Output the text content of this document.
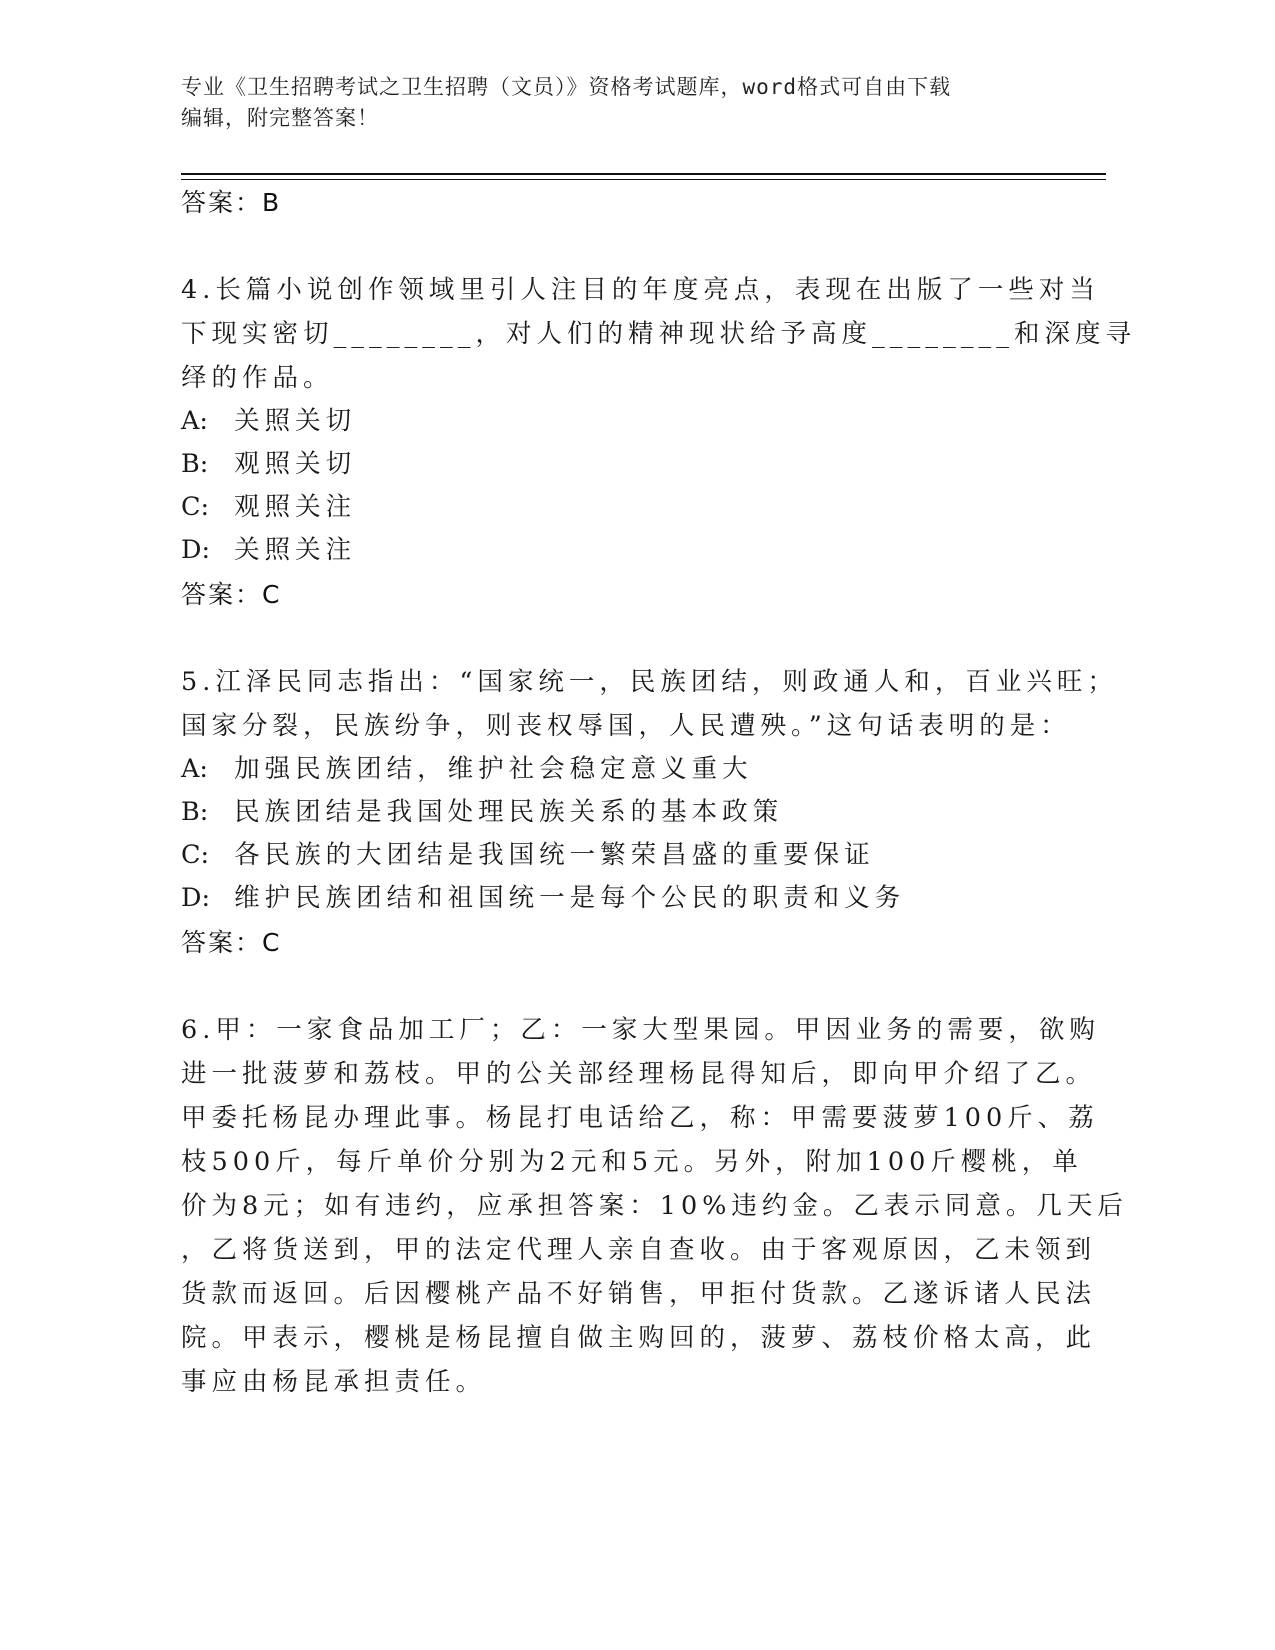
专业《卫生招聘考试之卫生招聘（文员）》资格考试题库，word格式可自由下载
编辑，附完整答案！
答案：B
4.长篇小说创作领域里引人注目的年度亮点，表现在出版了一些对当
下现实密切________，对人们的精神现状给予高度________和深度寻
绎的作品。
A: 关照关切
B: 观照关切
C: 观照关注
D: 关照关注
答案：C
5.江泽民同志指出：“国家统一，民族团结，则政通人和，百业兴旺；
国家分裂，民族纷争，则丧权辱国，人民遭殃。”这句话表明的是：
A: 加强民族团结，维护社会稳定意义重大
B: 民族团结是我国处理民族关系的基本政策
C: 各民族的大团结是我国统一繁荣昌盛的重要保证
D: 维护民族团结和祖国统一是每个公民的职责和义务
答案：C
6.甲：一家食品加工厂；乙：一家大型果园。甲因业务的需要，欲购
进一批菠萝和荔枝。甲的公关部经理杨昆得知后，即向甲介绍了乙。
甲委托杨昆办理此事。杨昆打电话给乙，称：甲需要菠萝100斤、荔
枝500斤，每斤单价分别为2元和5元。另外，附加100斤樱桃，单
价为8元；如有违约，应承担答案：10%违约金。乙表示同意。几天后
，乙将货送到，甲的法定代理人亲自查收。由于客观原因，乙未领到
货款而返回。后因樱桃产品不好销售，甲拒付货款。乙遂诉诸人民法
院。甲表示，樱桃是杨昆擅自做主购回的，菠萝、荔枝价格太高，此
事应由杨昆承担责任。
